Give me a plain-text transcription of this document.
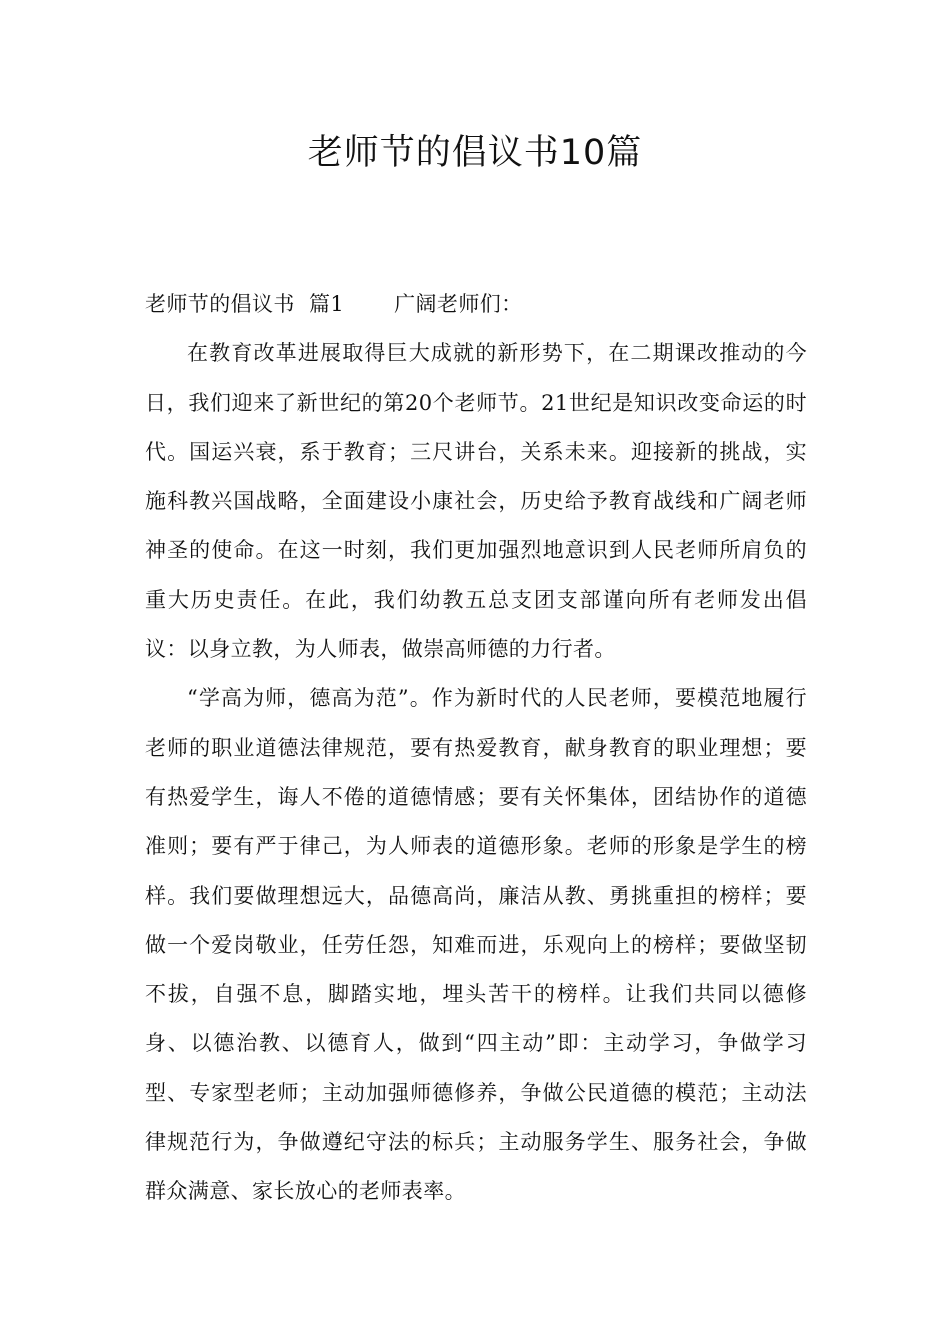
老师节的倡议书10篇

老师节的倡议书  篇1 广阔老师们：

在教育改革进展取得巨大成就的新形势下，在二期课改推动的今日，我们迎来了新世纪的第20个老师节。21世纪是知识改变命运的时代。国运兴衰，系于教育；三尺讲台，关系未来。迎接新的挑战，实施科教兴国战略，全面建设小康社会，历史给予教育战线和广阔老师神圣的使命。在这一时刻，我们更加强烈地意识到人民老师所肩负的重大历史责任。在此，我们幼教五总支团支部谨向所有老师发出倡议：以身立教，为人师表，做崇高师德的力行者。

“学高为师，德高为范”。作为新时代的人民老师，要模范地履行老师的职业道德法律规范，要有热爱教育，献身教育的职业理想；要有热爱学生，诲人不倦的道德情感；要有关怀集体，团结协作的道德准则；要有严于律己，为人师表的道德形象。老师的形象是学生的榜样。我们要做理想远大，品德高尚，廉洁从教、勇挑重担的榜样；要做一个爱岗敬业，任劳任怨，知难而进，乐观向上的榜样；要做坚韧不拔，自强不息，脚踏实地，埋头苦干的榜样。让我们共同以德修身、以德治教、以德育人，做到“四主动”即：主动学习，争做学习型、专家型老师；主动加强师德修养，争做公民道德的模范；主动法律规范行为，争做遵纪守法的标兵；主动服务学生、服务社会，争做群众满意、家长放心的老师表率。
